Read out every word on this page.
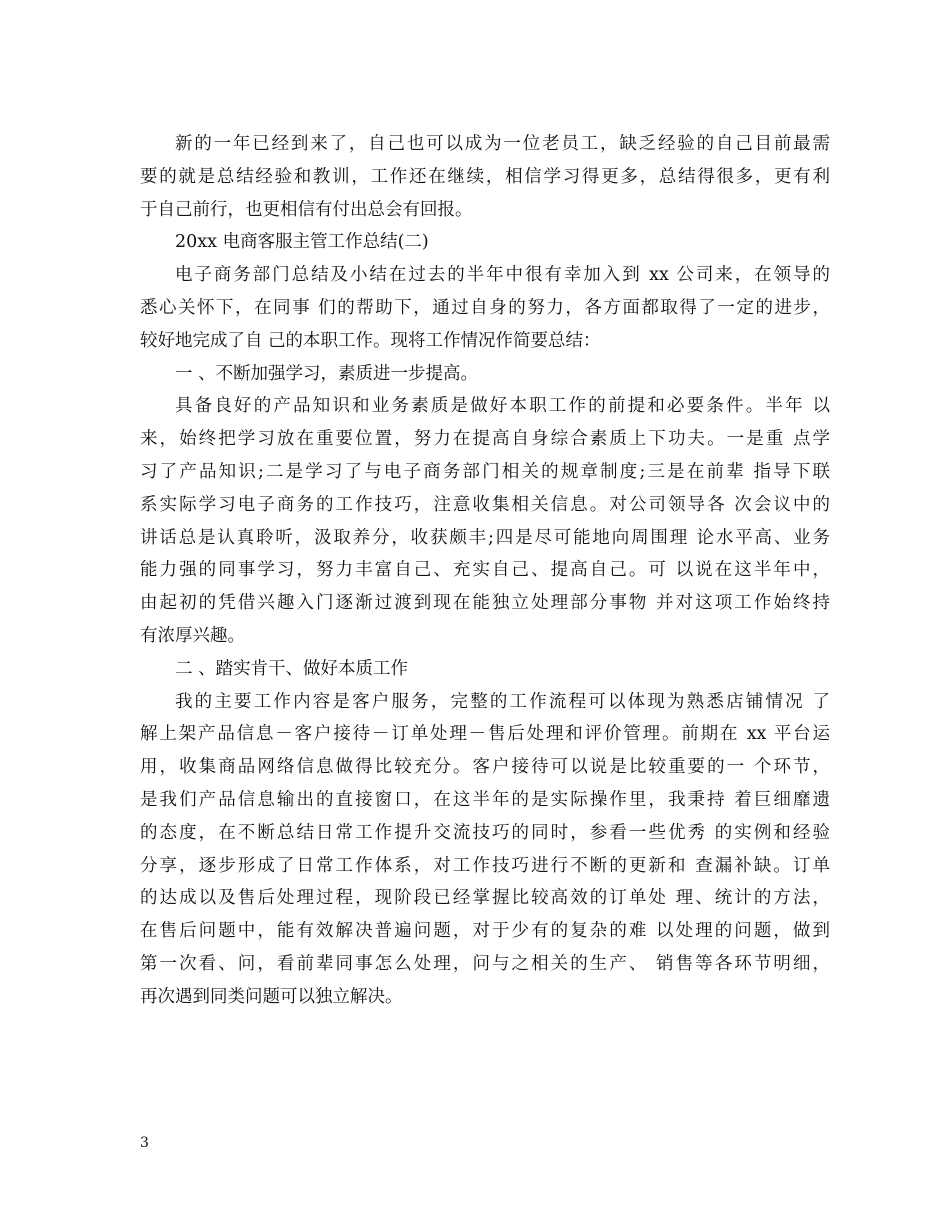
新的一年已经到来了，自己也可以成为一位老员工，缺乏经验的自己目前最需
要的就是总结经验和教训，工作还在继续，相信学习得更多，总结得很多，更有利
于自己前行，也更相信有付出总会有回报。

20xx 电商客服主管工作总结(二)

电子商务部门总结及小结在过去的半年中很有幸加入到 xx 公司来，在领导的
悉心关怀下，在同事 们的帮助下，通过自身的努力，各方面都取得了一定的进步，
较好地完成了自 己的本职工作。现将工作情况作简要总结：

一 、不断加强学习，素质进一步提高。

具备良好的产品知识和业务素质是做好本职工作的前提和必要条件。半年 以
来，始终把学习放在重要位置，努力在提高自身综合素质上下功夫。一是重 点学
习了产品知识;二是学习了与电子商务部门相关的规章制度;三是在前辈 指导下联
系实际学习电子商务的工作技巧，注意收集相关信息。对公司领导各 次会议中的
讲话总是认真聆听，汲取养分，收获颇丰;四是尽可能地向周围理 论水平高、业务
能力强的同事学习，努力丰富自己、充实自己、提高自己。可 以说在这半年中，
由起初的凭借兴趣入门逐渐过渡到现在能独立处理部分事物 并对这项工作始终持
有浓厚兴趣。

二 、踏实肯干、做好本质工作

我的主要工作内容是客户服务，完整的工作流程可以体现为熟悉店铺情况 了
解上架产品信息－客户接待－订单处理－售后处理和评价管理。前期在 xx 平台运
用，收集商品网络信息做得比较充分。客户接待可以说是比较重要的一 个环节，
是我们产品信息输出的直接窗口，在这半年的是实际操作里，我秉持 着巨细靡遗
的态度，在不断总结日常工作提升交流技巧的同时，参看一些优秀 的实例和经验
分享，逐步形成了日常工作体系，对工作技巧进行不断的更新和 查漏补缺。订单
的达成以及售后处理过程，现阶段已经掌握比较高效的订单处 理、统计的方法，
在售后问题中，能有效解决普遍问题，对于少有的复杂的难 以处理的问题，做到
第一次看、问，看前辈同事怎么处理，问与之相关的生产、 销售等各环节明细，
再次遇到同类问题可以独立解决。

3
